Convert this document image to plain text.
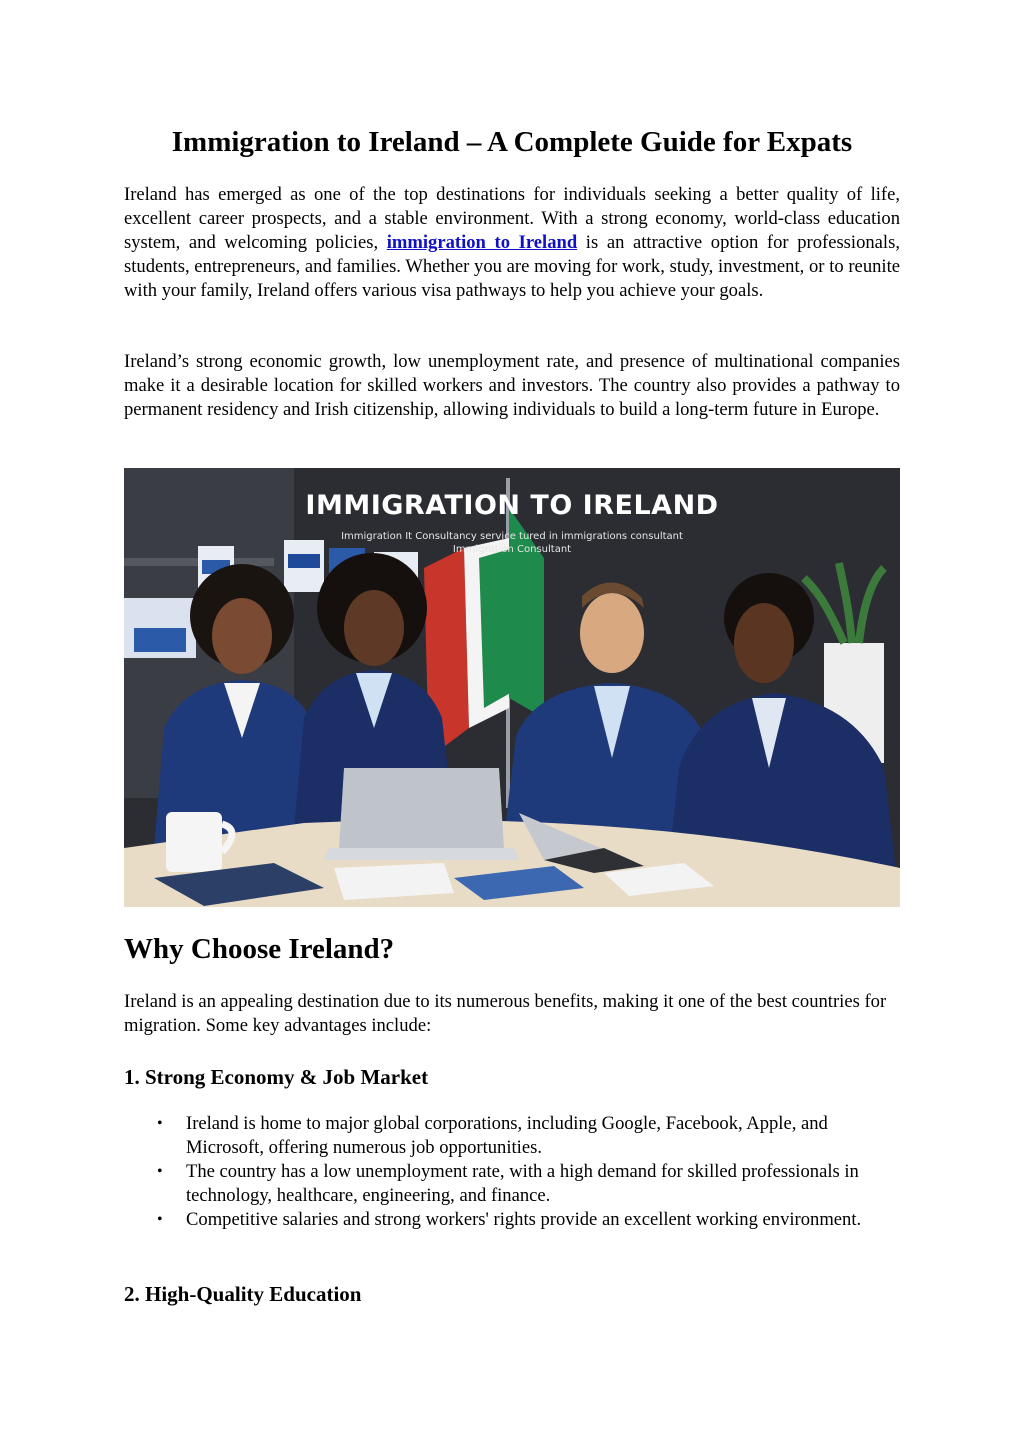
Immigration to Ireland – A Complete Guide for Expats

Ireland has emerged as one of the top destinations for individuals seeking a better quality of life, excellent career prospects, and a stable environment. With a strong economy, world-class education system, and welcoming policies, immigration to Ireland is an attractive option for professionals, students, entrepreneurs, and families. Whether you are moving for work, study, investment, or to reunite with your family, Ireland offers various visa pathways to help you achieve your goals.

Ireland’s strong economic growth, low unemployment rate, and presence of multinational companies make it a desirable location for skilled workers and investors. The country also provides a pathway to permanent residency and Irish citizenship, allowing individuals to build a long-term future in Europe.

IMMIGRATION TO IRELAND
Immigration It Consultancy service tured in immigrations consultant
Immigration Consultant
Why Choose Ireland?

Ireland is an appealing destination due to its numerous benefits, making it one of the best countries for migration. Some key advantages include:

1. Strong Economy & Job Market
• Ireland is home to major global corporations, including Google, Facebook, Apple, and Microsoft, offering numerous job opportunities.
• The country has a low unemployment rate, with a high demand for skilled professionals in technology, healthcare, engineering, and finance.
• Competitive salaries and strong workers' rights provide an excellent working environment.
2. High-Quality Education
